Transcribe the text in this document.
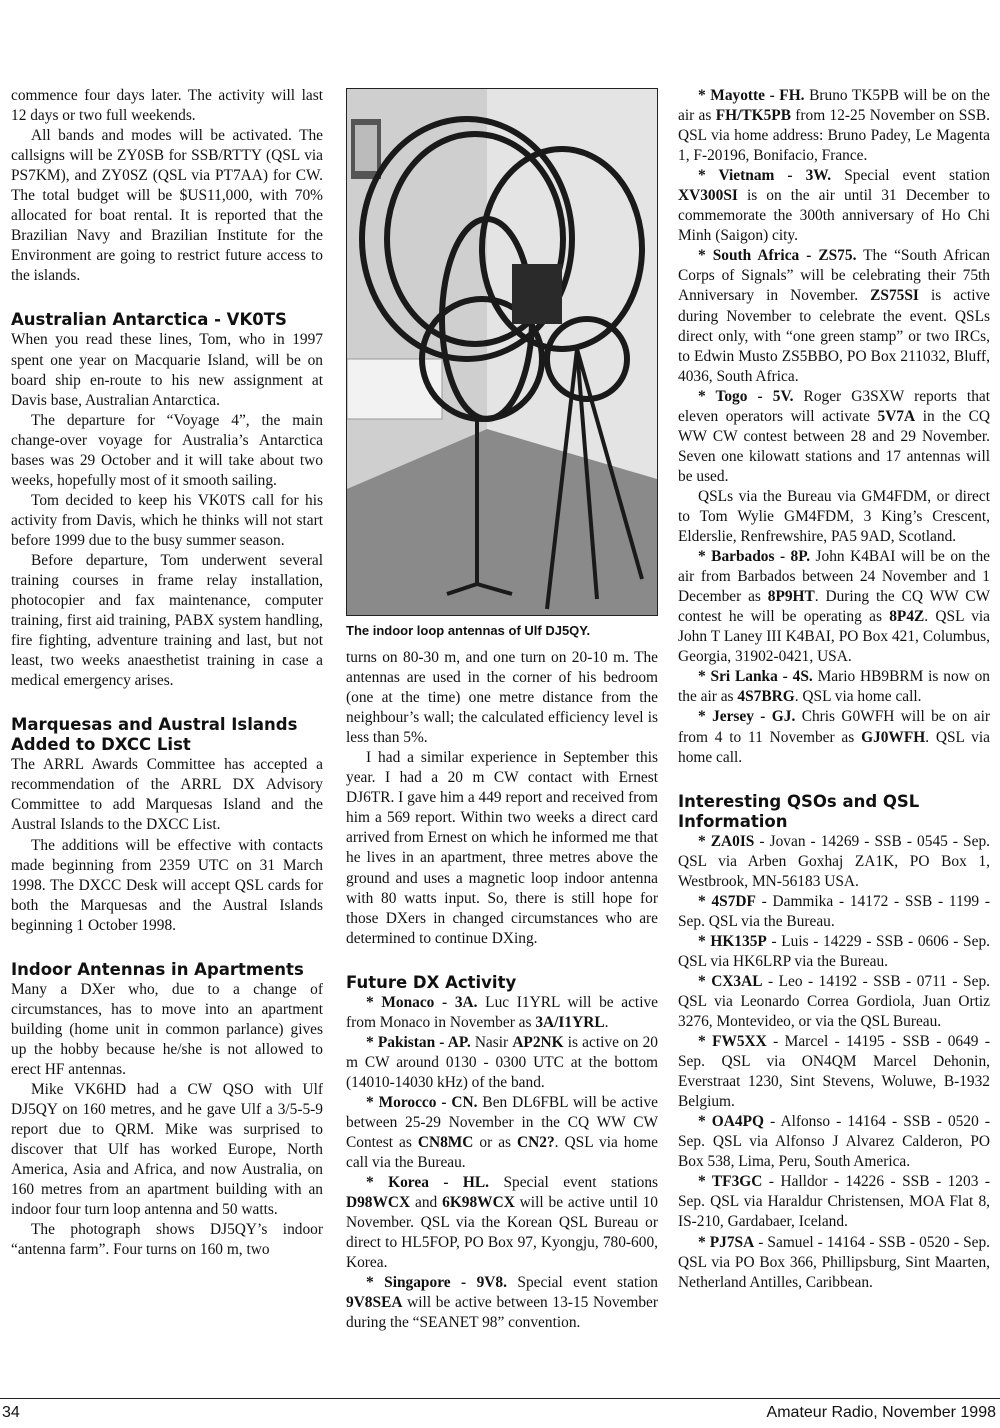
commence four days later. The activity will last 12 days or two full weekends.

All bands and modes will be activated. The callsigns will be ZY0SB for SSB/RTTY (QSL via PS7KM), and ZY0SZ (QSL via PT7AA) for CW. The total budget will be $US11,000, with 70% allocated for boat rental. It is reported that the Brazilian Navy and Brazilian Institute for the Environment are going to restrict future access to the islands.

Australian Antarctica - VK0TS

When you read these lines, Tom, who in 1997 spent one year on Macquarie Island, will be on board ship en-route to his new assignment at Davis base, Australian Antarctica.

The departure for “Voyage 4”, the main change-over voyage for Australia’s Antarctica bases was 29 October and it will take about two weeks, hopefully most of it smooth sailing.

Tom decided to keep his VK0TS call for his activity from Davis, which he thinks will not start before 1999 due to the busy summer season.

Before departure, Tom underwent several training courses in frame relay installation, photocopier and fax maintenance, computer training, first aid training, PABX system handling, fire fighting, adventure training and last, but not least, two weeks anaesthetist training in case a medical emergency arises.

Marquesas and Austral Islands Added to DXCC List

The ARRL Awards Committee has accepted a recommendation of the ARRL DX Advisory Committee to add Marquesas Island and the Austral Islands to the DXCC List.

The additions will be effective with contacts made beginning from 2359 UTC on 31 March 1998. The DXCC Desk will accept QSL cards for both the Marquesas and the Austral Islands beginning 1 October 1998.

Indoor Antennas in Apartments

Many a DXer who, due to a change of circumstances, has to move into an apartment building (home unit in common parlance) gives up the hobby because he/she is not allowed to erect HF antennas.

Mike VK6HD had a CW QSO with Ulf DJ5QY on 160 metres, and he gave Ulf a 3/5-5-9 report due to QRM. Mike was surprised to discover that Ulf has worked Europe, North America, Asia and Africa, and now Australia, on 160 metres from an apartment building with an indoor four turn loop antenna and 50 watts.

The photograph shows DJ5QY’s indoor “antenna farm”. Four turns on 160 m, two

The indoor loop antennas of Ulf DJ5QY.

turns on 80-30 m, and one turn on 20-10 m. The antennas are used in the corner of his bedroom (one at the time) one metre distance from the neighbour’s wall; the calculated efficiency level is less than 5%.

I had a similar experience in September this year. I had a 20 m CW contact with Ernest DJ6TR. I gave him a 449 report and received from him a 569 report. Within two weeks a direct card arrived from Ernest on which he informed me that he lives in an apartment, three metres above the ground and uses a magnetic loop indoor antenna with 80 watts input. So, there is still hope for those DXers in changed circumstances who are determined to continue DXing.

Future DX Activity

* Monaco - 3A. Luc I1YRL will be active from Monaco in November as 3A/I1YRL.

* Pakistan - AP. Nasir AP2NK is active on 20 m CW around 0130 - 0300 UTC at the bottom (14010-14030 kHz) of the band.

* Morocco - CN. Ben DL6FBL will be active between 25-29 November in the CQ WW CW Contest as CN8MC or as CN2?. QSL via home call via the Bureau.

* Korea - HL. Special event stations D98WCX and 6K98WCX will be active until 10 November. QSL via the Korean QSL Bureau or direct to HL5FOP, PO Box 97, Kyongju, 780-600, Korea.

* Singapore - 9V8. Special event station 9V8SEA will be active between 13-15 November during the “SEANET 98” convention.

* Mayotte - FH. Bruno TK5PB will be on the air as FH/TK5PB from 12-25 November on SSB. QSL via home address: Bruno Padey, Le Magenta 1, F-20196, Bonifacio, France.

* Vietnam - 3W. Special event station XV300SI is on the air until 31 December to commemorate the 300th anniversary of Ho Chi Minh (Saigon) city.

* South Africa - ZS75. The “South African Corps of Signals” will be celebrating their 75th Anniversary in November. ZS75SI is active during November to celebrate the event. QSLs direct only, with “one green stamp” or two IRCs, to Edwin Musto ZS5BBO, PO Box 211032, Bluff, 4036, South Africa.

* Togo - 5V. Roger G3SXW reports that eleven operators will activate 5V7A in the CQ WW CW contest between 28 and 29 November. Seven one kilowatt stations and 17 antennas will be used.

QSLs via the Bureau via GM4FDM, or direct to Tom Wylie GM4FDM, 3 King’s Crescent, Elderslie, Renfrewshire, PA5 9AD, Scotland.

* Barbados - 8P. John K4BAI will be on the air from Barbados between 24 November and 1 December as 8P9HT. During the CQ WW CW contest he will be operating as 8P4Z. QSL via John T Laney III K4BAI, PO Box 421, Columbus, Georgia, 31902-0421, USA.

* Sri Lanka - 4S. Mario HB9BRM is now on the air as 4S7BRG. QSL via home call.

* Jersey - GJ. Chris G0WFH will be on air from 4 to 11 November as GJ0WFH. QSL via home call.

Interesting QSOs and QSL Information

* ZA0IS - Jovan - 14269 - SSB - 0545 - Sep. QSL via Arben Goxhaj ZA1K, PO Box 1, Westbrook, MN-56183 USA.

* 4S7DF - Dammika - 14172 - SSB - 1199 - Sep. QSL via the Bureau.

* HK135P - Luis - 14229 - SSB - 0606 - Sep. QSL via HK6LRP via the Bureau.

* CX3AL - Leo - 14192 - SSB - 0711 - Sep. QSL via Leonardo Correa Gordiola, Juan Ortiz 3276, Montevideo, or via the QSL Bureau.

* FW5XX - Marcel - 14195 - SSB - 0649 - Sep. QSL via ON4QM Marcel Dehonin, Everstraat 1230, Sint Stevens, Woluwe, B-1932 Belgium.

* OA4PQ - Alfonso - 14164 - SSB - 0520 - Sep. QSL via Alfonso J Alvarez Calderon, PO Box 538, Lima, Peru, South America.

* TF3GC - Halldor - 14226 - SSB - 1203 - Sep. QSL via Haraldur Christensen, MOA Flat 8, IS-210, Gardabaer, Iceland.

* PJ7SA - Samuel - 14164 - SSB - 0520 - Sep. QSL via PO Box 366, Phillipsburg, Sint Maarten, Netherland Antilles, Caribbean.

34	Amateur Radio, November 1998
